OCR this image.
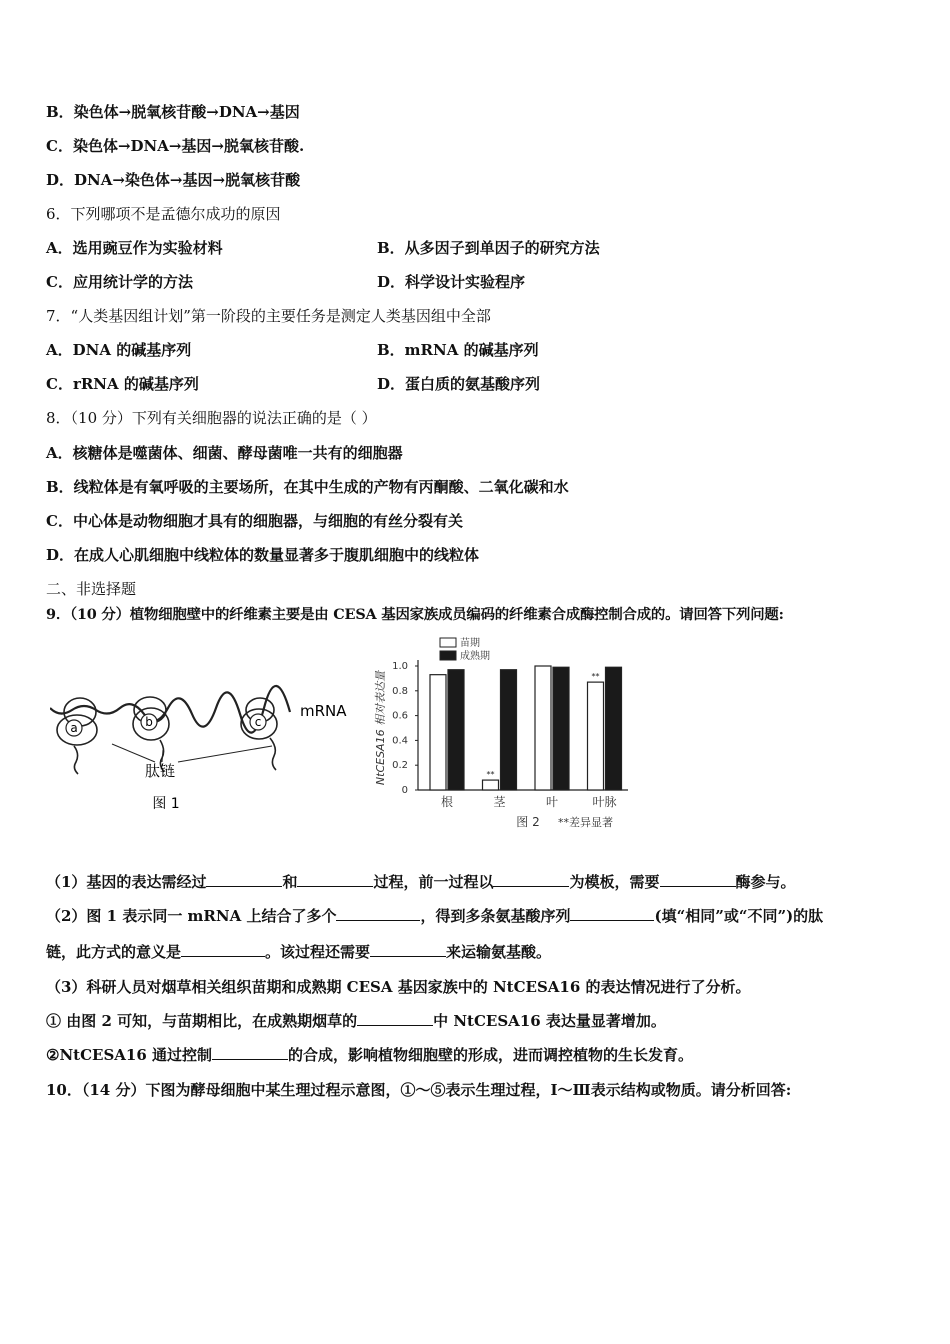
B．染色体→脱氧核苷酸→DNA→基因
C．染色体→DNA→基因→脱氧核苷酸.
D．DNA→染色体→基因→脱氧核苷酸
6．下列哪项不是孟德尔成功的原因
A．选用豌豆作为实验材料	B．从多因子到单因子的研究方法
C．应用统计学的方法	D．科学设计实验程序
7．“人类基因组计划”第一阶段的主要任务是测定人类基因组中全部
A．DNA 的碱基序列	B．mRNA 的碱基序列
C．rRNA 的碱基序列	D．蛋白质的氨基酸序列
8．（10 分）下列有关细胞器的说法正确的是（ ）
A．核糖体是噬菌体、细菌、酵母菌唯一共有的细胞器
B．线粒体是有氧呼吸的主要场所，在其中生成的产物有丙酮酸、二氧化碳和水
C．中心体是动物细胞才具有的细胞器，与细胞的有丝分裂有关
D．在成人心肌细胞中线粒体的数量显著多于腹肌细胞中的线粒体
二、非选择题
9．（10 分）植物细胞壁中的纤维素主要是由 CESA 基因家族成员编码的纤维素合成酶控制合成的。请回答下列问题:
a	b	c
mRNA
肽链
图 1
0
0.2
0.4
0.6
0.8
1.0
NtCESA16 相对表达量
根
**
茎	叶
**
叶脉
苗期
成熟期
图 2 **差异显著
（1）基因的表达需经过	和	过程，前一过程以	为模板，需要	酶参与。
（2）图 1 表示同一 mRNA 上结合了多个	，得到多条氨基酸序列	(填“相同”或“不同”)的肽
链，此方式的意义是	。该过程还需要	来运输氨基酸。
（3）科研人员对烟草相关组织苗期和成熟期 CESA 基因家族中的 NtCESA16 的表达情况进行了分析。
① 由图 2 可知，与苗期相比，在成熟期烟草的	中 NtCESA16 表达量显著增加。
②NtCESA16 通过控制	的合成，影响植物细胞壁的形成，进而调控植物的生长发育。
10．（14 分）下图为酵母细胞中某生理过程示意图，①～⑤表示生理过程，Ⅰ～Ⅲ表示结构或物质。请分析回答:
